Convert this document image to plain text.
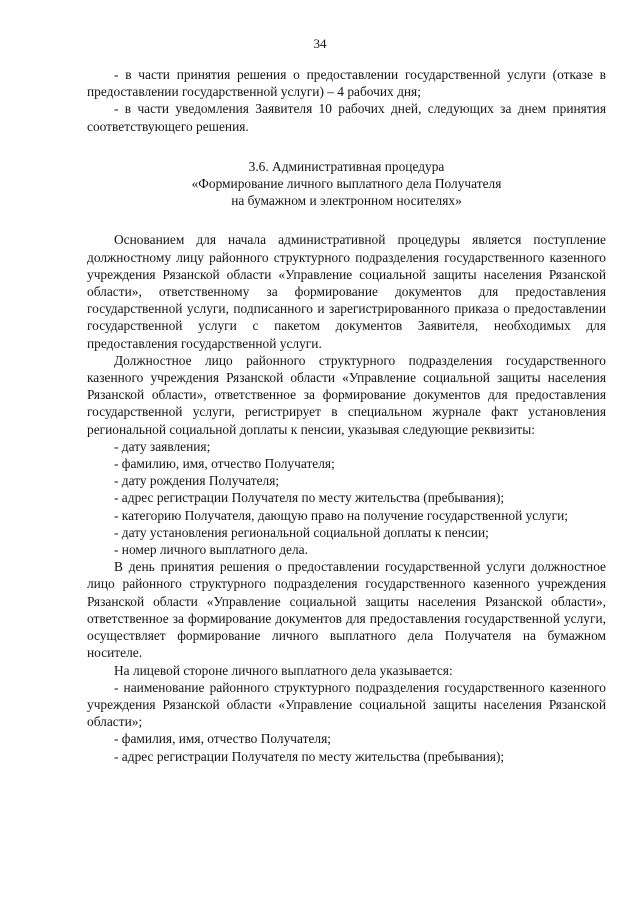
34

- в части принятия решения о предоставлении государственной услуги (отказе в предоставлении государственной услуги) – 4 рабочих дня;

- в части уведомления Заявителя 10 рабочих дней, следующих за днем принятия соответствующего решения.

3.6. Административная процедура
«Формирование личного выплатного дела Получателя
на бумажном и электронном носителях»

Основанием для начала административной процедуры является поступление должностному лицу районного структурного подразделения государственного казенного учреждения Рязанской области «Управление социальной защиты населения Рязанской области», ответственному за формирование документов для предоставления государственной услуги, подписанного и зарегистрированного приказа о предоставлении государственной услуги с пакетом документов Заявителя, необходимых для предоставления государственной услуги.

Должностное лицо районного структурного подразделения государственного казенного учреждения Рязанской области «Управление социальной защиты населения Рязанской области», ответственное за формирование документов для предоставления государственной услуги, регистрирует в специальном журнале факт установления региональной социальной доплаты к пенсии, указывая следующие реквизиты:

- дату заявления;

- фамилию, имя, отчество Получателя;

- дату рождения Получателя;

- адрес регистрации Получателя по месту жительства (пребывания);

- категорию Получателя, дающую право на получение государственной услуги;

- дату установления региональной социальной доплаты к пенсии;

- номер личного выплатного дела.

В день принятия решения о предоставлении государственной услуги должностное лицо районного структурного подразделения государственного казенного учреждения Рязанской области «Управление социальной защиты населения Рязанской области», ответственное за формирование документов для предоставления государственной услуги, осуществляет формирование личного выплатного дела Получателя на бумажном носителе.

На лицевой стороне личного выплатного дела указывается:

- наименование районного структурного подразделения государственного казенного учреждения Рязанской области «Управление социальной защиты населения Рязанской области»;

- фамилия, имя, отчество Получателя;

- адрес регистрации Получателя по месту жительства (пребывания);
